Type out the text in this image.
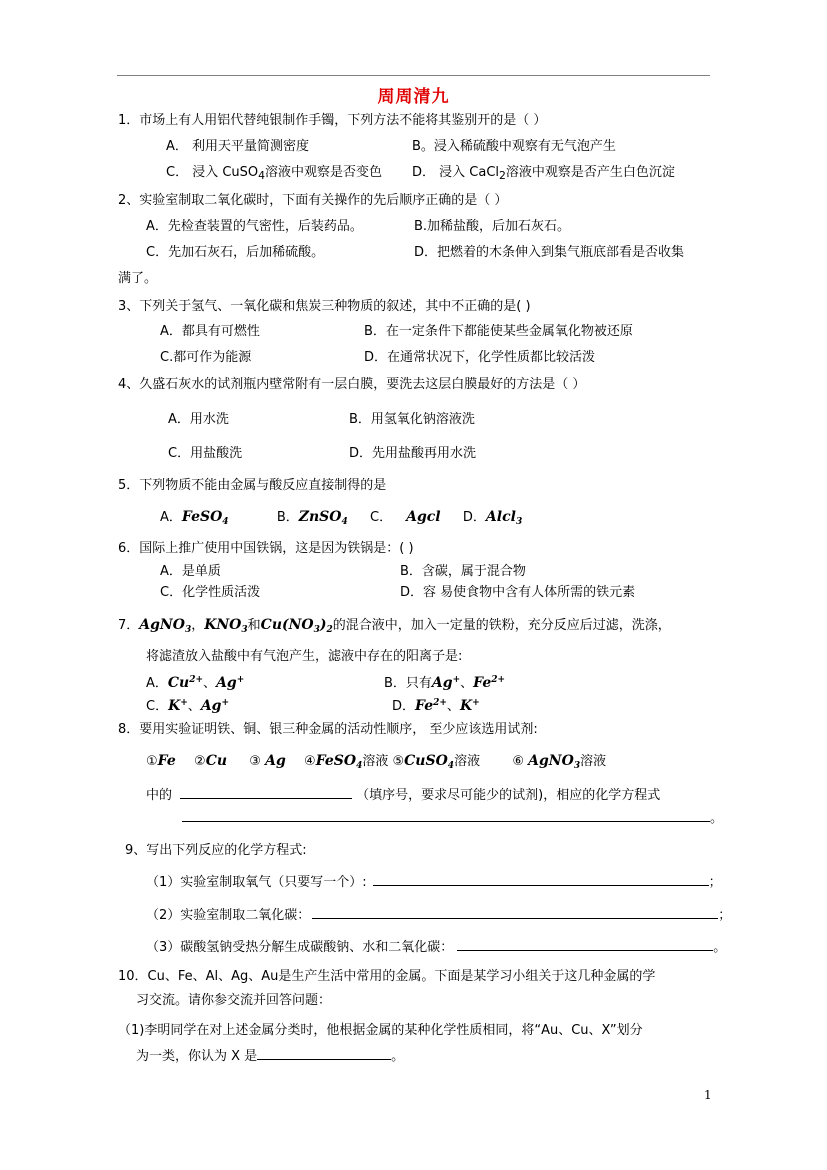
周周清九
1．市场上有人用铝代替纯银制作手镯，下列方法不能将其鉴别开的是（ ）
A． 利用天平量简测密度	B。浸入稀硫酸中观察有无气泡产生
C． 浸入 CuSO$_4$溶液中观察是否变色 D． 浸入 CaCl$_2$溶液中观察是否产生白色沉淀
2、实验室制取二氧化碳时，下面有关操作的先后顺序正确的是（ ）
A．先检查装置的气密性，后装药品。	B.加稀盐酸，后加石灰石。
C．先加石灰石，后加稀硫酸。	D．把燃着的木条伸入到集气瓶底部看是否收集
满了。
3、下列关于氢气、一氧化碳和焦炭三种物质的叙述，其中不正确的是( )
A．都具有可燃性	B．在一定条件下都能使某些金属氧化物被还原
C.都可作为能源	D．在通常状况下，化学性质都比较活泼
4、久盛石灰水的试剂瓶内壁常附有一层白膜，要洗去这层白膜最好的方法是（ ）
A．用水洗	B．用氢氧化钠溶液洗
C．用盐酸洗	D．先用盐酸再用水洗
5．下列物质不能由金属与酸反应直接制得的是
A．FeSO$_4$	B．ZnSO$_4$ C． Agcl D．Alcl$_3$
6．国际上推广使用中国铁锅，这是因为铁锅是：( )
A．是单质	B．含碳，属于混合物
C．化学性质活泼	D．容 易使食物中含有人体所需的铁元素
7．AgNO$_3$，$KNO_3$和$Cu(NO_3)_2$的混合液中，加入一定量的铁粉，充分反应后过滤，洗涤，
将滤渣放入盐酸中有气泡产生，滤液中存在的阳离子是:
A．$Cu^{2+}$、Ag+	B．只有Ag+、$Fe^{2+}$
C．K+、Ag+	D．$Fe^{2+}$、K+
8．要用实验证明铁、铜、银三种金属的活动性顺序， 至少应该选用试剂:
①Fe ②Cu ③ Ag ④FeSO$_4$溶液 ⑤CuSO$_4$溶液 ⑥ AgNO$_3$溶液
中的	（填序号，要求尽可能少的试剂)，相应的化学方程式
。
9、写出下列反应的化学方程式:
（1）实验室制取氧气（只要写一个）:	；
（2）实验室制取二氧化碳：	；
（3）碳酸氢钠受热分解生成碳酸钠、水和二氧化碳：	。
10．Cu、Fe、Al、Ag、Au是生产生活中常用的金属。下面是某学习小组关于这几种金属的学
习交流。请你参交流并回答问题：
（1)李明同学在对上述金属分类时，他根据金属的某种化学性质相同，将“Au、Cu、X”划分
为一类，你认为 X 是	。
1
